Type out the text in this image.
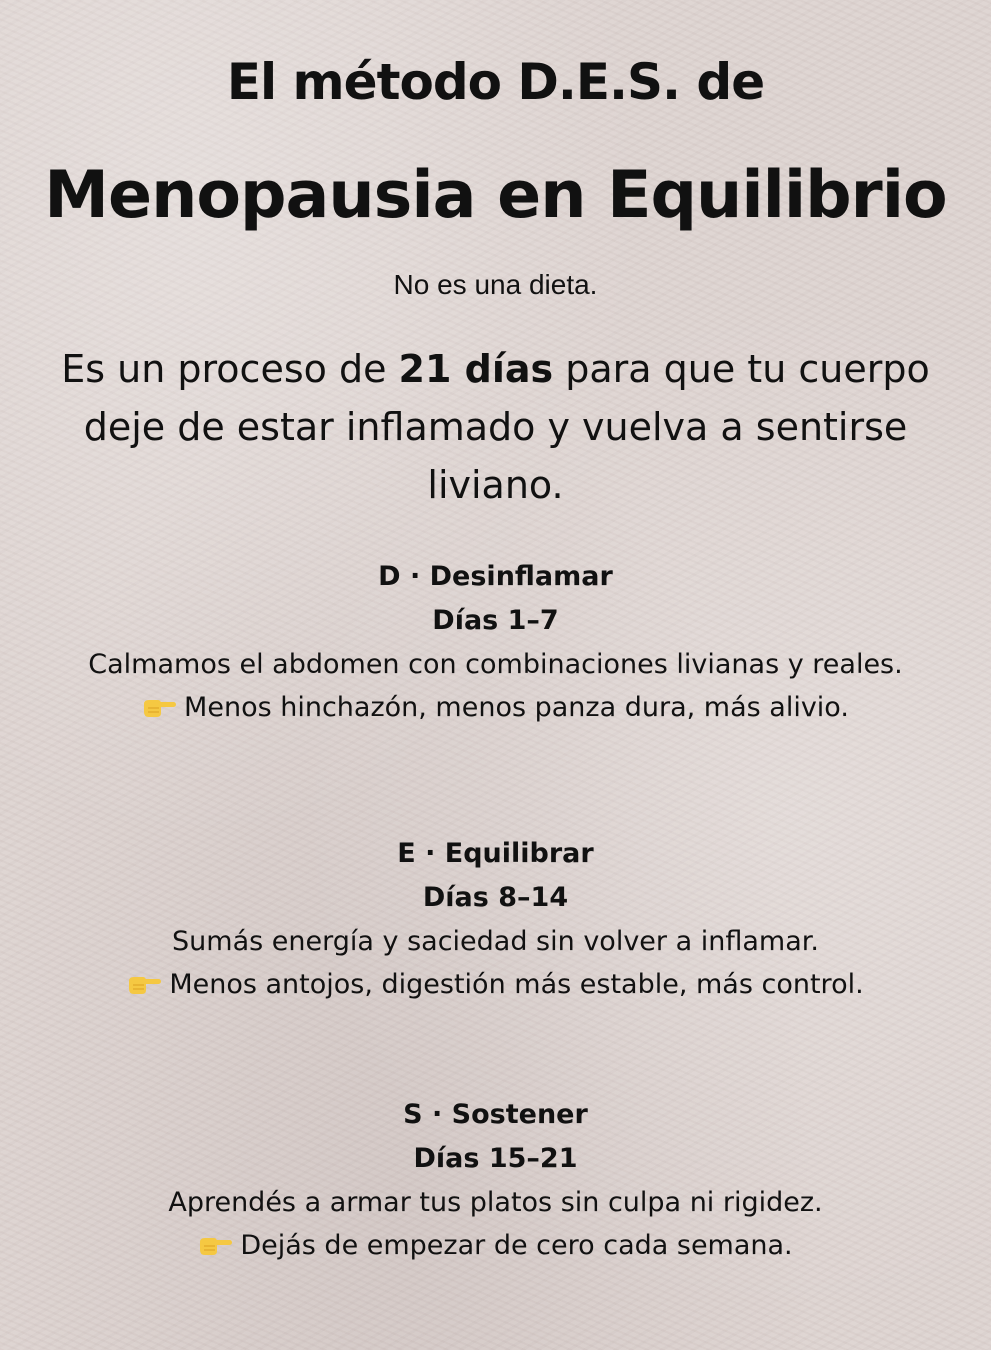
El método D.E.S. de
Menopausia en Equilibrio
No es una dieta.
Es un proceso de 21 días para que tu cuerpo deje de estar inflamado y vuelva a sentirse liviano.
D · Desinflamar
Días 1–7
Calmamos el abdomen con combinaciones livianas y reales.
Menos hinchazón, menos panza dura, más alivio.
E · Equilibrar
Días 8–14
Sumás energía y saciedad sin volver a inflamar.
Menos antojos, digestión más estable, más control.
S · Sostener
Días 15–21
Aprendés a armar tus platos sin culpa ni rigidez.
Dejás de empezar de cero cada semana.
